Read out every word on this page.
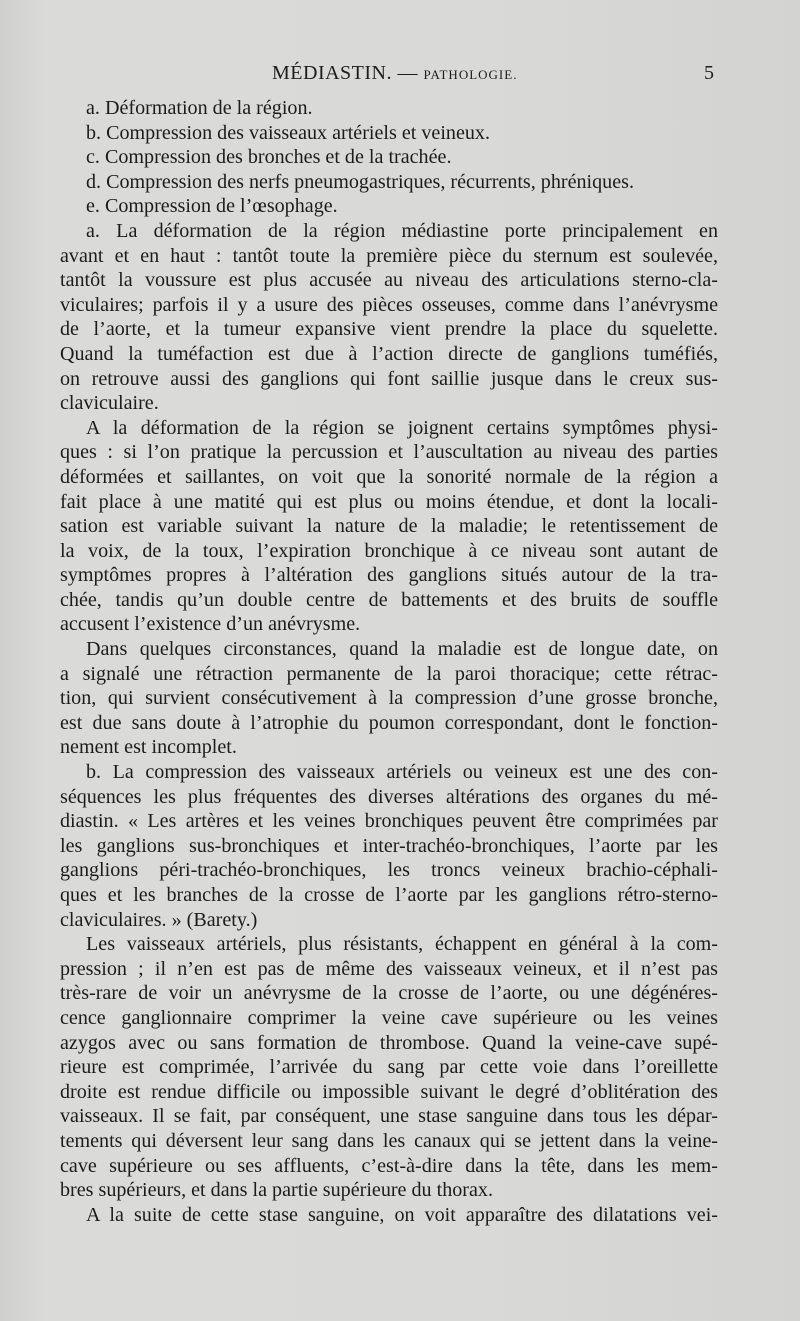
MÉDIASTIN. — PATHOLOGIE.	5
a. Déformation de la région.
b. Compression des vaisseaux artériels et veineux.
c. Compression des bronches et de la trachée.
d. Compression des nerfs pneumogastriques, récurrents, phréniques.
e. Compression de l’œsophage.
a. La déformation de la région médiastine porte principalement en
avant et en haut : tantôt toute la première pièce du sternum est soulevée,
tantôt la voussure est plus accusée au niveau des articulations sterno-cla-
viculaires; parfois il y a usure des pièces osseuses, comme dans l’anévrysme
de l’aorte, et la tumeur expansive vient prendre la place du squelette.
Quand la tuméfaction est due à l’action directe de ganglions tuméfiés,
on retrouve aussi des ganglions qui font saillie jusque dans le creux sus-
claviculaire.
A la déformation de la région se joignent certains symptômes physi-
ques : si l’on pratique la percussion et l’auscultation au niveau des parties
déformées et saillantes, on voit que la sonorité normale de la région a
fait place à une matité qui est plus ou moins étendue, et dont la locali-
sation est variable suivant la nature de la maladie; le retentissement de
la voix, de la toux, l’expiration bronchique à ce niveau sont autant de
symptômes propres à l’altération des ganglions situés autour de la tra-
chée, tandis qu’un double centre de battements et des bruits de souffle
accusent l’existence d’un anévrysme.
Dans quelques circonstances, quand la maladie est de longue date, on
a signalé une rétraction permanente de la paroi thoracique; cette rétrac-
tion, qui survient consécutivement à la compression d’une grosse bronche,
est due sans doute à l’atrophie du poumon correspondant, dont le fonction-
nement est incomplet.
b. La compression des vaisseaux artériels ou veineux est une des con-
séquences les plus fréquentes des diverses altérations des organes du mé-
diastin. « Les artères et les veines bronchiques peuvent être comprimées par
les ganglions sus-bronchiques et inter-trachéo-bronchiques, l’aorte par les
ganglions péri-trachéo-bronchiques, les troncs veineux brachio-céphali-
ques et les branches de la crosse de l’aorte par les ganglions rétro-sterno-
claviculaires. » (Barety.)
Les vaisseaux artériels, plus résistants, échappent en général à la com-
pression ; il n’en est pas de même des vaisseaux veineux, et il n’est pas
très-rare de voir un anévrysme de la crosse de l’aorte, ou une dégénéres-
cence ganglionnaire comprimer la veine cave supérieure ou les veines
azygos avec ou sans formation de thrombose. Quand la veine-cave supé-
rieure est comprimée, l’arrivée du sang par cette voie dans l’oreillette
droite est rendue difficile ou impossible suivant le degré d’oblitération des
vaisseaux. Il se fait, par conséquent, une stase sanguine dans tous les dépar-
tements qui déversent leur sang dans les canaux qui se jettent dans la veine-
cave supérieure ou ses affluents, c’est-à-dire dans la tête, dans les mem-
bres supérieurs, et dans la partie supérieure du thorax.
A la suite de cette stase sanguine, on voit apparaître des dilatations vei-
